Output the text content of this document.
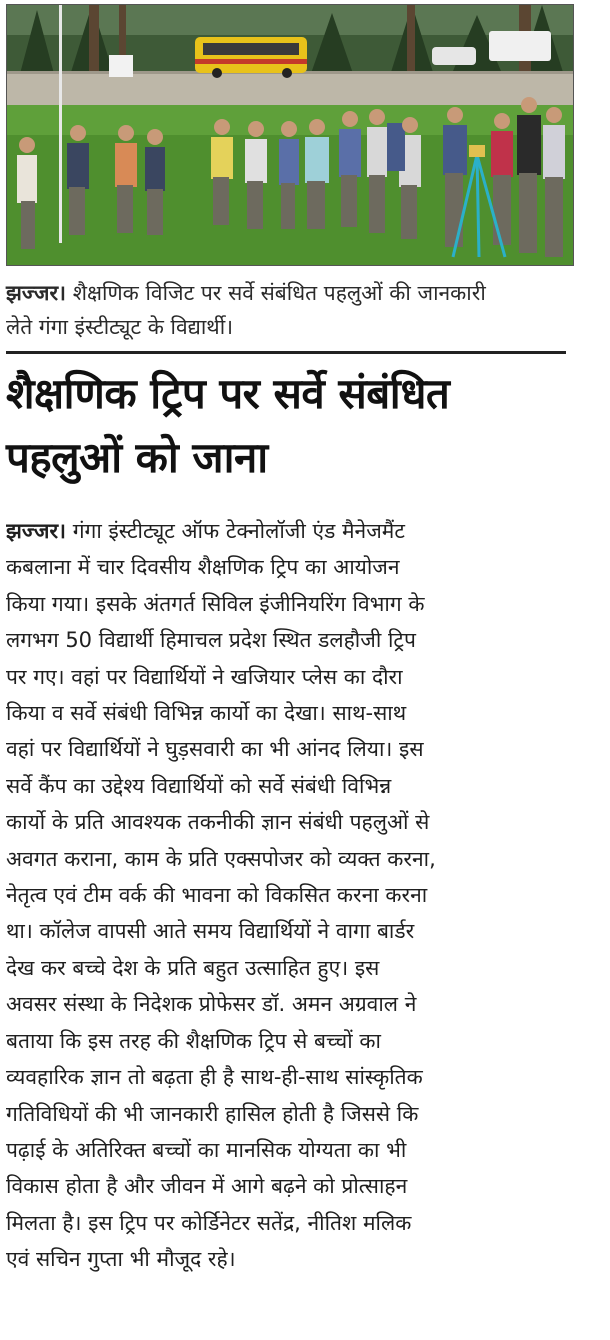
झज्जर। शैक्षणिक विजिट पर सर्वे संबंधित पहलुओं की जानकारी
लेते गंगा इंस्टीट्यूट के विद्यार्थी।
शैक्षणिक ट्रिप पर सर्वे संबंधित
पहलुओं को जाना
झज्जर। गंगा इंस्टीट्यूट ऑफ टेक्नोलॉजी एंड मैनेजमैंट
कबलाना में चार दिवसीय शैक्षणिक ट्रिप का आयोजन
किया गया। इसके अंतगर्त सिविल इंजीनियरिंग विभाग के
लगभग 50 विद्यार्थी हिमाचल प्रदेश स्थित डलहौजी ट्रिप
पर गए। वहां पर विद्यार्थियों ने खजियार प्लेस का दौरा
किया व सर्वे संबंधी विभिन्न कार्यो का देखा। साथ-साथ
वहां पर विद्यार्थियों ने घुड़सवारी का भी आंनद लिया। इस
सर्वे कैंप का उद्देश्य विद्यार्थियों को सर्वे संबंधी विभिन्न
कार्यो के प्रति आवश्यक तकनीकी ज्ञान संबंधी पहलुओं से
अवगत कराना, काम के प्रति एक्सपोजर को व्यक्त करना,
नेतृत्व एवं टीम वर्क की भावना को विकसित करना करना
था। कॉलेज वापसी आते समय विद्यार्थियों ने वागा बार्डर
देख कर बच्चे देश के प्रति बहुत उत्साहित हुए। इस
अवसर संस्था के निदेशक प्रोफेसर डॉ. अमन अग्रवाल ने
बताया कि इस तरह की शैक्षणिक ट्रिप से बच्चों का
व्यवहारिक ज्ञान तो बढ़ता ही है साथ-ही-साथ सांस्कृतिक
गतिविधियों की भी जानकारी हासिल होती है जिससे कि
पढ़ाई के अतिरिक्त बच्चों का मानसिक योग्यता का भी
विकास होता है और जीवन में आगे बढ़ने को प्रोत्साहन
मिलता है। इस ट्रिप पर कोर्डिनेटर सतेंद्र, नीतिश मलिक
एवं सचिन गुप्ता भी मौजूद रहे।
